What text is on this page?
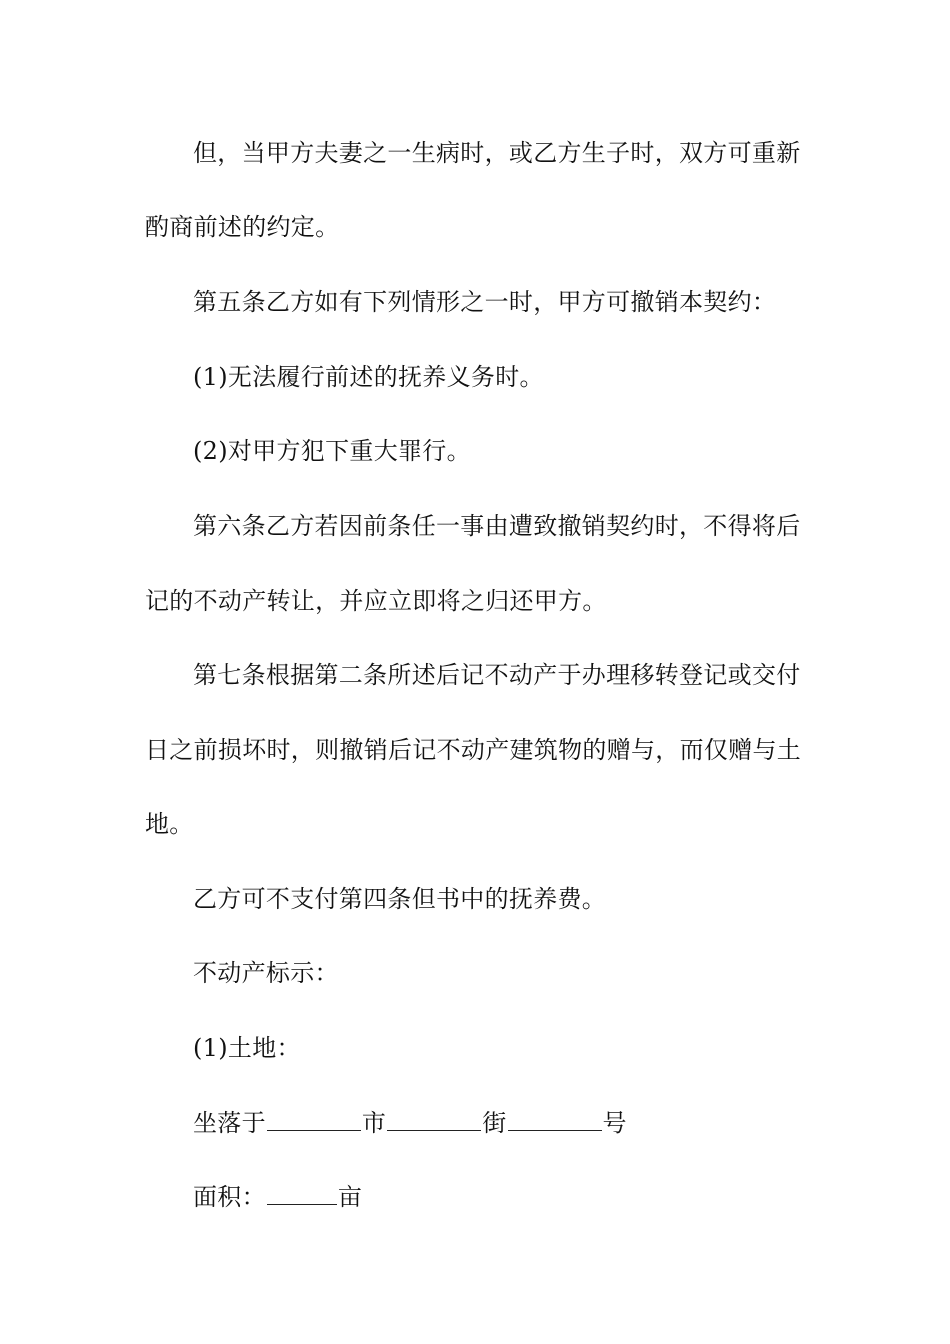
但，当甲方夫妻之一生病时，或乙方生子时，双方可重新
酌商前述的约定。
第五条乙方如有下列情形之一时，甲方可撤销本契约：
(1)无法履行前述的抚养义务时。
(2)对甲方犯下重大罪行。
第六条乙方若因前条任一事由遭致撤销契约时，不得将后
记的不动产转让，并应立即将之归还甲方。
第七条根据第二条所述后记不动产于办理移转登记或交付
日之前损坏时，则撤销后记不动产建筑物的赠与，而仅赠与土
地。
乙方可不支付第四条但书中的抚养费。
不动产标示：
(1)土地：
坐落于	市	街	号
面积：	亩
